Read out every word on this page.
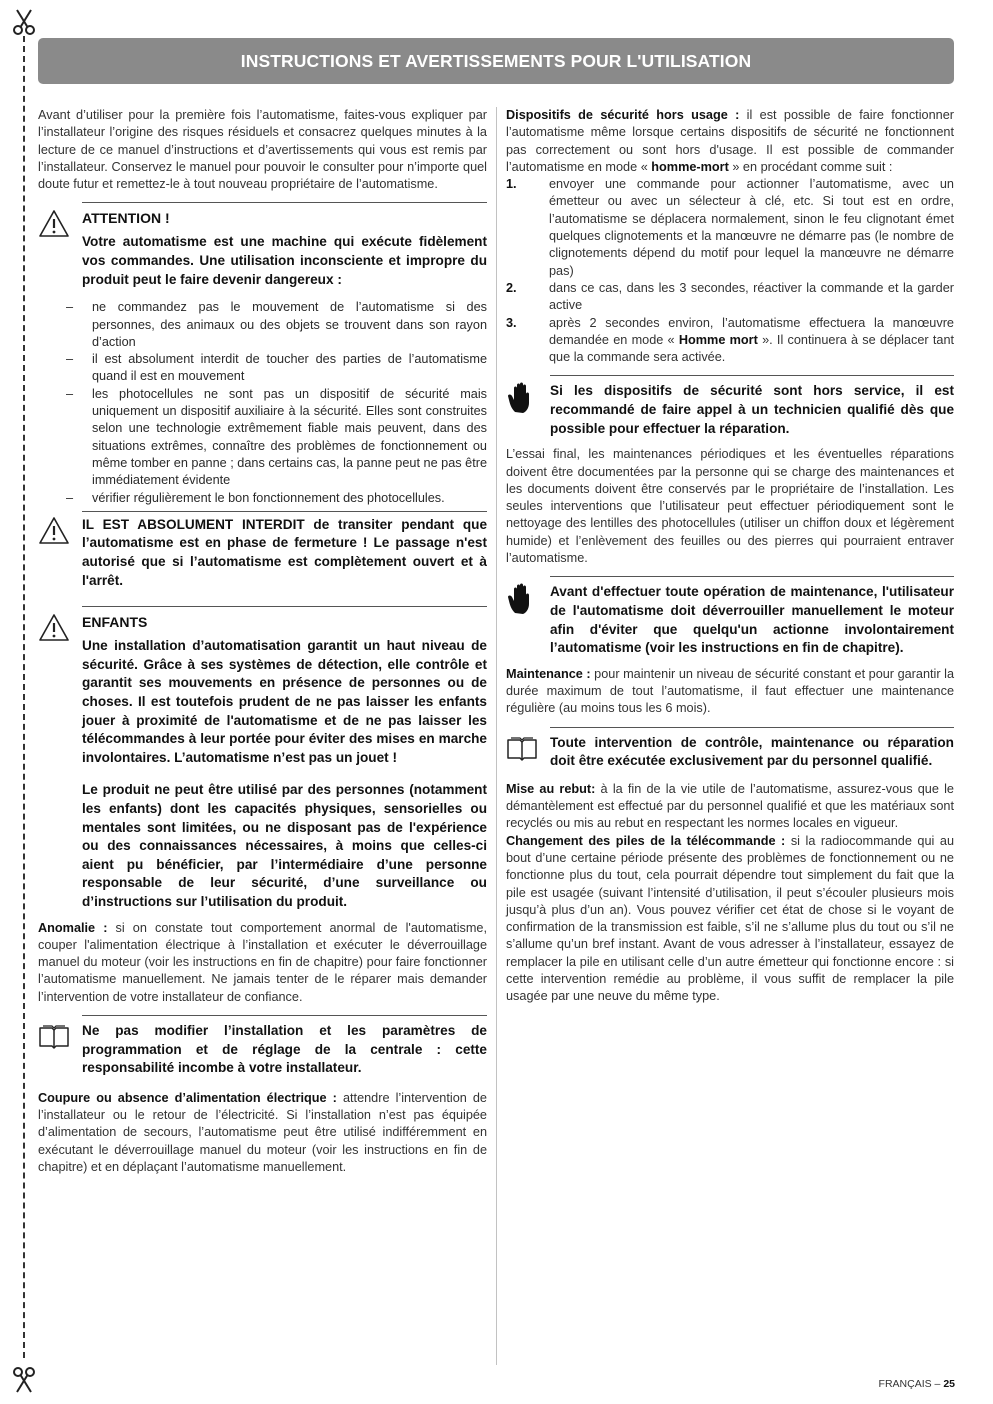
INSTRUCTIONS ET AVERTISSEMENTS POUR L'UTILISATION

Avant d’utiliser pour la première fois l’automatisme, faites-vous expliquer par l’installateur l’origine des risques résiduels et consacrez quelques minutes à la lecture de ce manuel d’instructions et d’avertissements qui vous est remis par l’installateur. Conservez le manuel pour pouvoir le consulter pour n’importe quel doute futur et remettez-le à tout nouveau propriétaire de l’automatisme.

ATTENTION !
Votre automatisme est une machine qui exécute fidèlement vos commandes. Une utilisation inconsciente et impropre du produit peut le faire devenir dangereux :
– ne commandez pas le mouvement de l’automatisme si des personnes, des animaux ou des objets se trouvent dans son rayon d’action
– il est absolument interdit de toucher des parties de l’automatisme quand il est en mouvement
– les photocellules ne sont pas un dispositif de sécurité mais uniquement un dispositif auxiliaire à la sécurité. Elles sont construites selon une technologie extrêmement fiable mais peuvent, dans des situations extrêmes, connaître des problèmes de fonctionnement ou même tomber en panne ; dans certains cas, la panne peut ne pas être immédiatement évidente
– vérifier régulièrement le bon fonctionnement des photocellules.
IL EST ABSOLUMENT INTERDIT de transiter pendant que l’automatisme est en phase de fermeture ! Le passage n'est autorisé que si l’automatisme est complètement ouvert et à l'arrêt.
ENFANTS
Une installation d’automatisation garantit un haut niveau de sécurité. Grâce à ses systèmes de détection, elle contrôle et garantit ses mouvements en présence de personnes ou de choses. Il est toutefois prudent de ne pas laisser les enfants jouer à proximité de l'automatisme et de ne pas laisser les télécommandes à leur portée pour éviter des mises en marche involontaires. L’automatisme n’est pas un jouet !
Le produit ne peut être utilisé par des personnes (notamment les enfants) dont les capacités physiques, sensorielles ou mentales sont limitées, ou ne disposant pas de l'expérience ou des connaissances nécessaires, à moins que celles-ci aient pu bénéficier, par l’intermédiaire d’une personne responsable de leur sécurité, d’une surveillance ou d’instructions sur l’utilisation du produit.

Anomalie : si on constate tout comportement anormal de l'automatisme, couper l'alimentation électrique à l’installation et exécuter le déverrouillage manuel du moteur (voir les instructions en fin de chapitre) pour faire fonctionner l’automatisme manuellement. Ne jamais tenter de le réparer mais demander l’intervention de votre installateur de confiance.

Ne pas modifier l’installation et les paramètres de programmation et de réglage de la centrale : cette responsabilité incombe à votre installateur.

Coupure ou absence d’alimentation électrique : attendre l’intervention de l’installateur ou le retour de l’électricité. Si l’installation n’est pas équipée d’alimentation de secours, l’automatisme peut être utilisé indifféremment en exécutant le déverrouillage manuel du moteur (voir les instructions en fin de chapitre) et en déplaçant l’automatisme manuellement.

Dispositifs de sécurité hors usage : il est possible de faire fonctionner l’automatisme même lorsque certains dispositifs de sécurité ne fonctionnent pas correctement ou sont hors d'usage. Il est possible de commander l’automatisme en mode « homme-mort » en procédant comme suit :

1.	envoyer une commande pour actionner l’automatisme, avec un émetteur ou avec un sélecteur à clé, etc. Si tout est en ordre, l’automatisme se déplacera normalement, sinon le feu clignotant émet quelques clignotements et la manœuvre ne démarre pas (le nombre de clignotements dépend du motif pour lequel la manœuvre ne démarre pas)
2.	dans ce cas, dans les 3 secondes, réactiver la commande et la garder active
3.	après 2 secondes environ, l’automatisme effectuera la manœuvre demandée en mode « Homme mort ». Il continuera à se déplacer tant que la commande sera activée.
Si les dispositifs de sécurité sont hors service, il est recommandé de faire appel à un technicien qualifié dès que possible pour effectuer la réparation.

L’essai final, les maintenances périodiques et les éventuelles réparations doivent être documentées par la personne qui se charge des maintenances et les documents doivent être conservés par le propriétaire de l’installation. Les seules interventions que l’utilisateur peut effectuer périodiquement sont le nettoyage des lentilles des photocellules (utiliser un chiffon doux et légèrement humide) et l’enlèvement des feuilles ou des pierres qui pourraient entraver l’automatisme.

Avant d'effectuer toute opération de maintenance, l'utilisateur de l'automatisme doit déverrouiller manuellement le moteur afin d'éviter que quelqu'un actionne involontairement l’automatisme (voir les instructions en fin de chapitre).

Maintenance : pour maintenir un niveau de sécurité constant et pour garantir la durée maximum de tout l’automatisme, il faut effectuer une maintenance régulière (au moins tous les 6 mois).

Toute intervention de contrôle, maintenance ou réparation doit être exécutée exclusivement par du personnel qualifié.

Mise au rebut: à la fin de la vie utile de l’automatisme, assurez-vous que le démantèlement est effectué par du personnel qualifié et que les matériaux sont recyclés ou mis au rebut en respectant les normes locales en vigueur.

Changement des piles de la télécommande : si la radiocommande qui au bout d’une certaine période présente des problèmes de fonctionnement ou ne fonctionne plus du tout, cela pourrait dépendre tout simplement du fait que la pile est usagée (suivant l’intensité d’utilisation, il peut s’écouler plusieurs mois jusqu’à plus d’un an). Vous pouvez vérifier cet état de chose si le voyant de confirmation de la transmission est faible, s’il ne s’allume plus du tout ou s’il ne s’allume qu’un bref instant. Avant de vous adresser à l’installateur, essayez de remplacer la pile en utilisant celle d’un autre émetteur qui fonctionne encore : si cette intervention remédie au problème, il vous suffit de remplacer la pile usagée par une neuve du même type.

FRANÇAIS – 25
